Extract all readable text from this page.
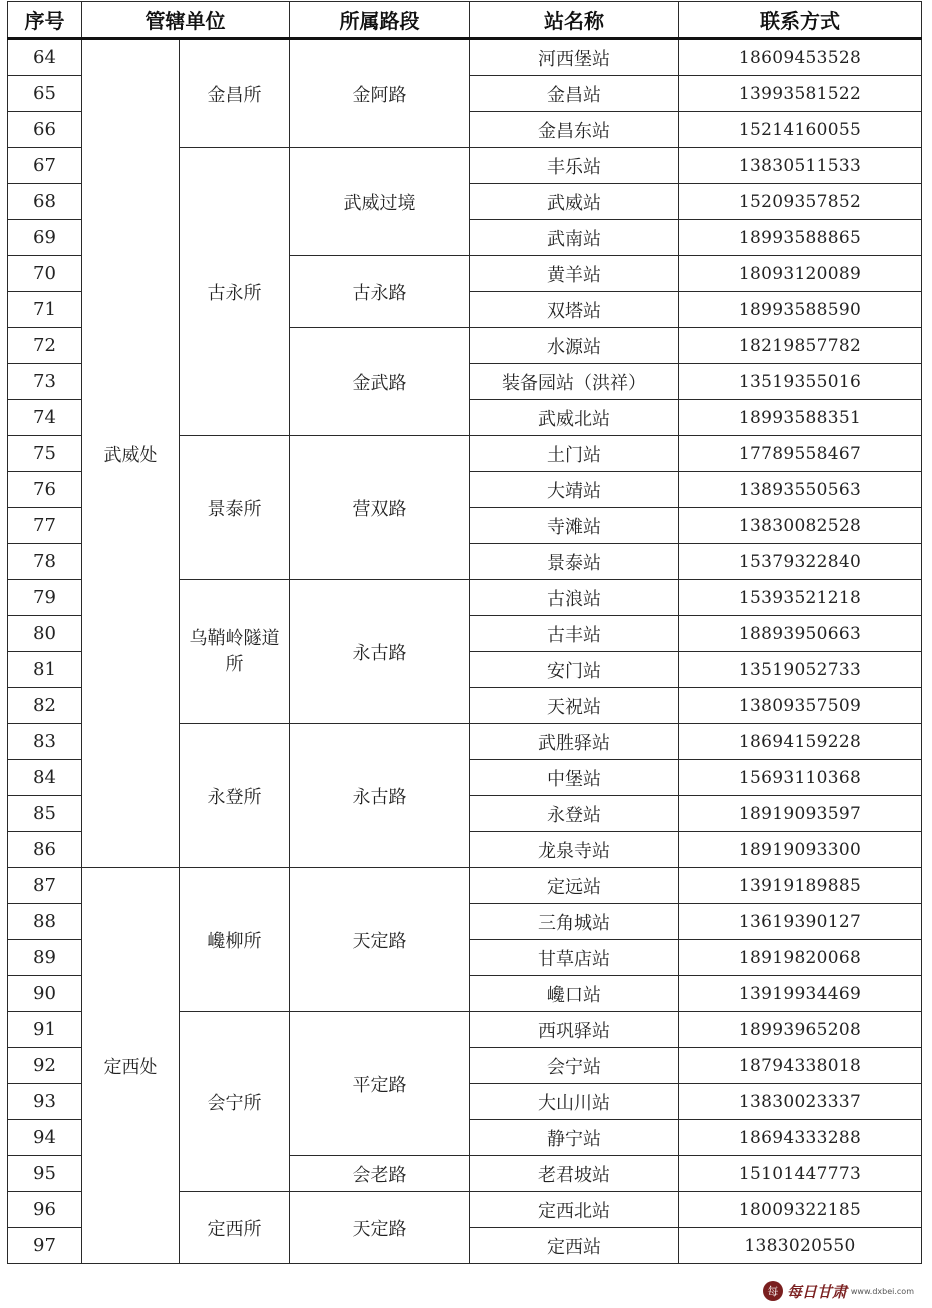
序号	管辖单位		所属路段	站名称	联系方式
64	武威处	金昌所	金阿路	河西堡站	18609453528
65				金昌站	13993581522
66				金昌东站	15214160055
67		古永所	武威过境	丰乐站	13830511533
68				武威站	15209357852
69				武南站	18993588865
70			古永路	黄羊站	18093120089
71				双塔站	18993588590
72			金武路	水源站	18219857782
73				装备园站（洪祥）	13519355016
74				武威北站	18993588351
75		景泰所	营双路	土门站	17789558467
76				大靖站	13893550563
77				寺滩站	13830082528
78				景泰站	15379322840
79		乌鞘岭隧道所	永古路	古浪站	15393521218
80				古丰站	18893950663
81				安门站	13519052733
82				天祝站	13809357509
83		永登所	永古路	武胜驿站	18694159228
84				中堡站	15693110368
85				永登站	18919093597
86				龙泉寺站	18919093300
87	定西处	巉柳所	天定路	定远站	13919189885
88				三角城站	13619390127
89				甘草店站	18919820068
90				巉口站	13919934469
91		会宁所	平定路	西巩驿站	18993965208
92				会宁站	18794338018
93				大山川站	13830023337
94				静宁站	18694333288
95			会老路	老君坡站	15101447773
96		定西所	天定路	定西北站	18009322185
97				定西站	1383020550
每 每日甘肃 www.dxbei.com
